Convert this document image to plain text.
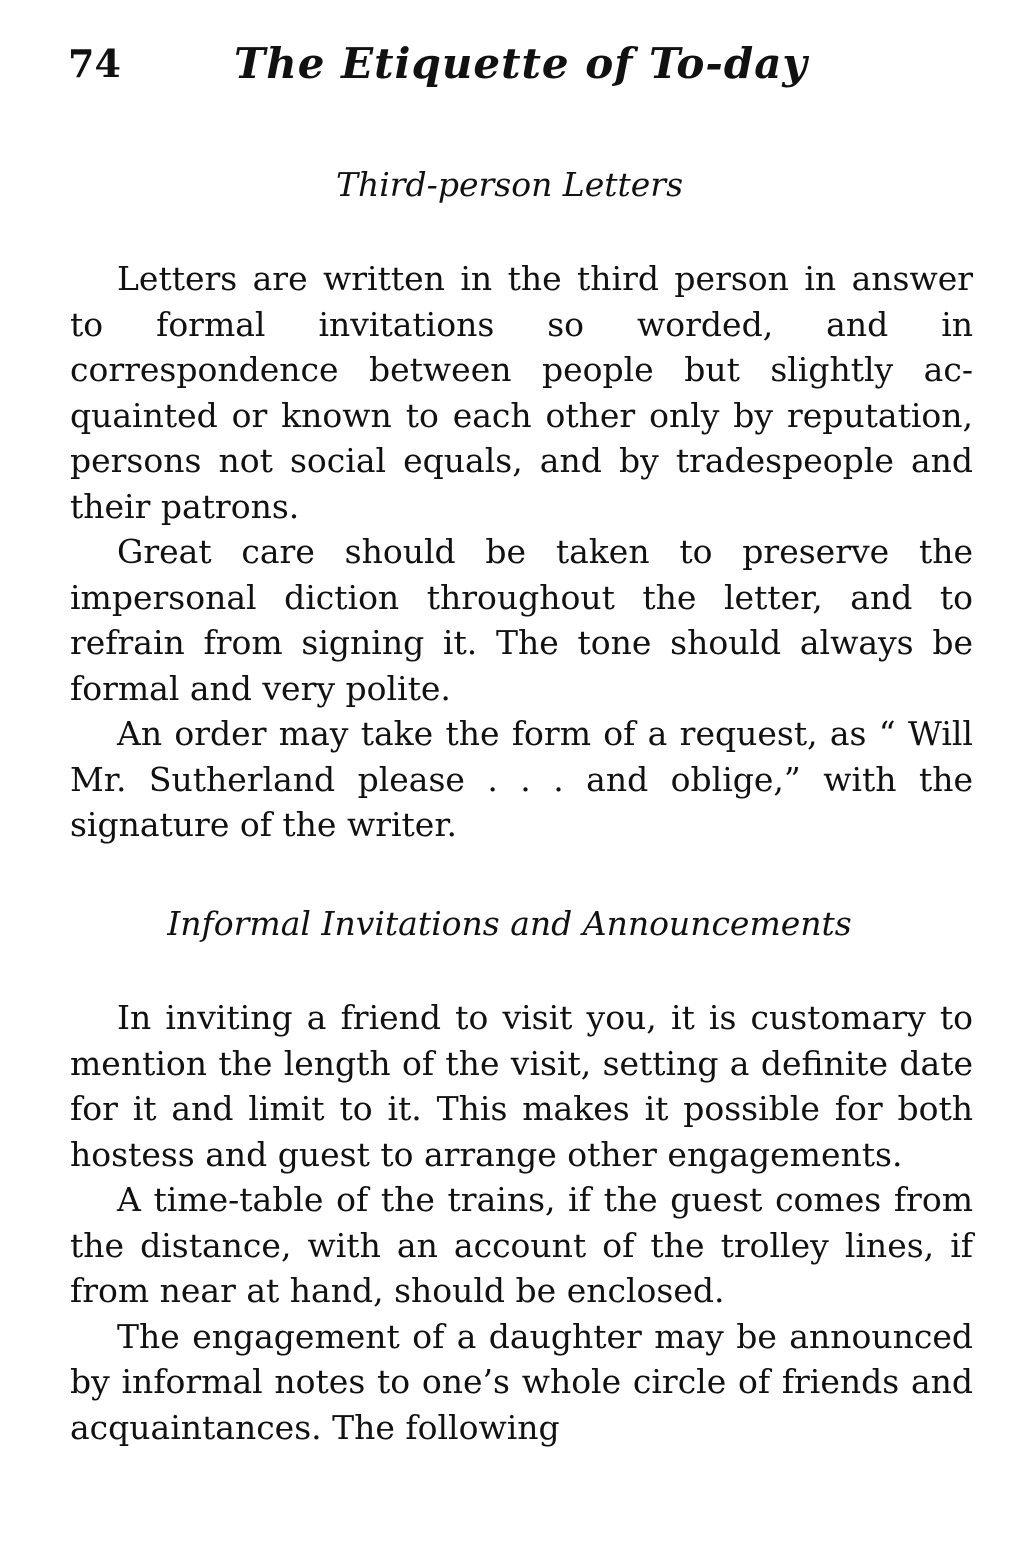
74	The Etiquette of To-day
Third-person Letters

Letters are written in the third person in answer to formal invitations so worded, and in correspondence between people but slightly acquainted or known to each other only by reputation, persons not social equals, and by tradespeople and their patrons.

Great care should be taken to preserve the impersonal diction throughout the letter, and to refrain from signing it. The tone should always be formal and very polite.

An order may take the form of a request, as “ Will Mr. Sutherland please . . . and oblige,” with the signature of the writer.

Informal Invitations and Announcements

In inviting a friend to visit you, it is customary to mention the length of the visit, setting a definite date for it and limit to it. This makes it possible for both hostess and guest to arrange other engagements.

A time-table of the trains, if the guest comes from the distance, with an account of the trolley lines, if from near at hand, should be enclosed.

The engagement of a daughter may be announced by informal notes to one’s whole circle of friends and acquaintances. The following
